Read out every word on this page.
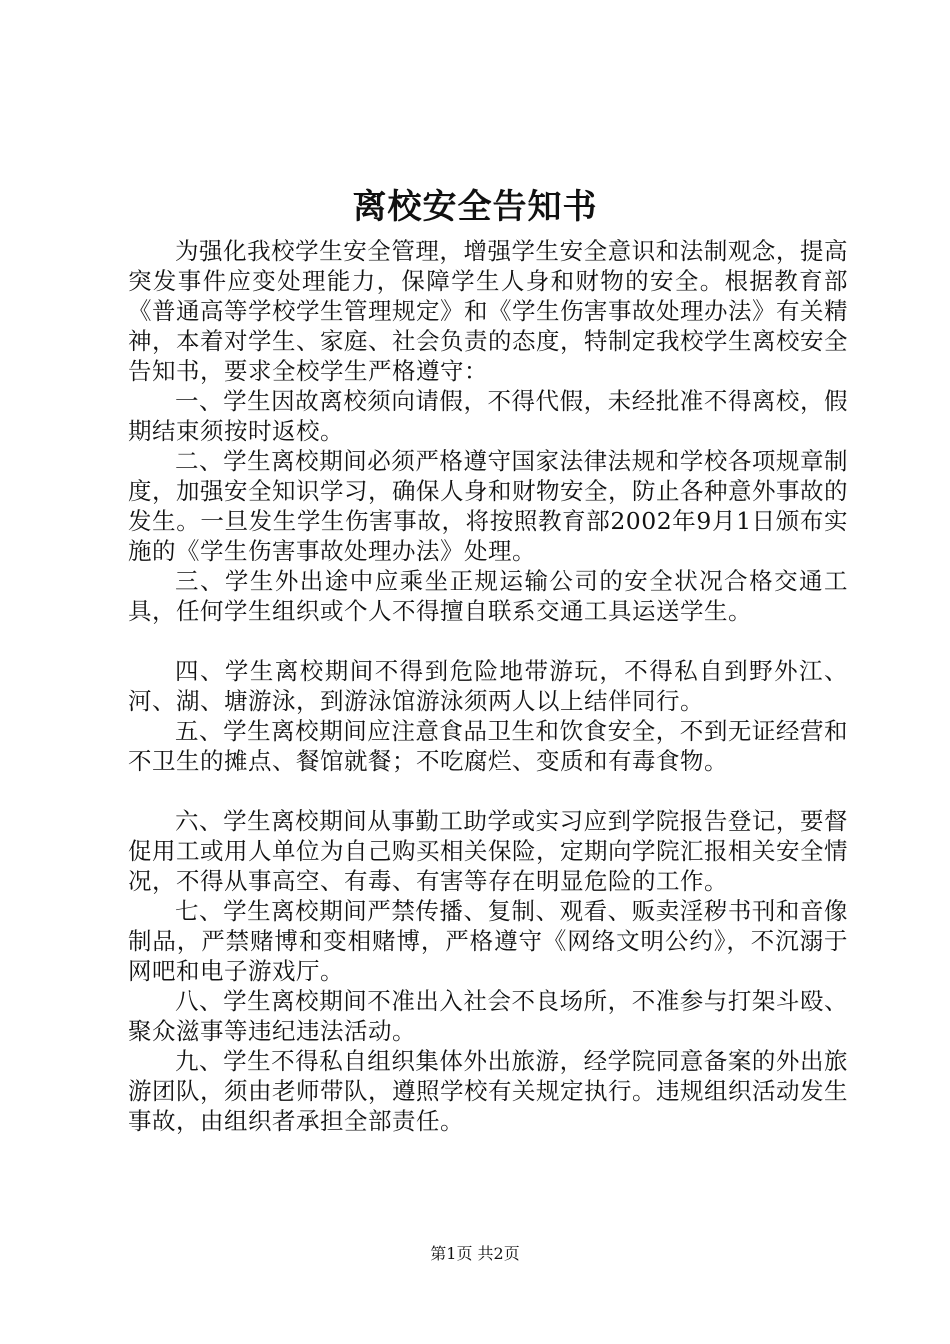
离校安全告知书

为强化我校学生安全管理，增强学生安全意识和法制观念，提高突发事件应变处理能力，保障学生人身和财物的安全。根据教育部《普通高等学校学生管理规定》和《学生伤害事故处理办法》有关精神，本着对学生、家庭、社会负责的态度，特制定我校学生离校安全告知书，要求全校学生严格遵守：

一、学生因故离校须向请假，不得代假，未经批准不得离校，假期结束须按时返校。

二、学生离校期间必须严格遵守国家法律法规和学校各项规章制度，加强安全知识学习，确保人身和财物安全，防止各种意外事故的发生。一旦发生学生伤害事故，将按照教育部2002年9月1日颁布实施的《学生伤害事故处理办法》处理。

三、学生外出途中应乘坐正规运输公司的安全状况合格交通工具，任何学生组织或个人不得擅自联系交通工具运送学生。

四、学生离校期间不得到危险地带游玩，不得私自到野外江、河、湖、塘游泳，到游泳馆游泳须两人以上结伴同行。

五、学生离校期间应注意食品卫生和饮食安全，不到无证经营和不卫生的摊点、餐馆就餐；不吃腐烂、变质和有毒食物。

六、学生离校期间从事勤工助学或实习应到学院报告登记，要督促用工或用人单位为自己购买相关保险，定期向学院汇报相关安全情况，不得从事高空、有毒、有害等存在明显危险的工作。

七、学生离校期间严禁传播、复制、观看、贩卖淫秽书刊和音像制品，严禁赌博和变相赌博，严格遵守《网络文明公约》，不沉溺于网吧和电子游戏厅。

八、学生离校期间不准出入社会不良场所，不准参与打架斗殴、聚众滋事等违纪违法活动。

九、学生不得私自组织集体外出旅游，经学院同意备案的外出旅游团队，须由老师带队，遵照学校有关规定执行。违规组织活动发生事故，由组织者承担全部责任。

第1页 共2页
